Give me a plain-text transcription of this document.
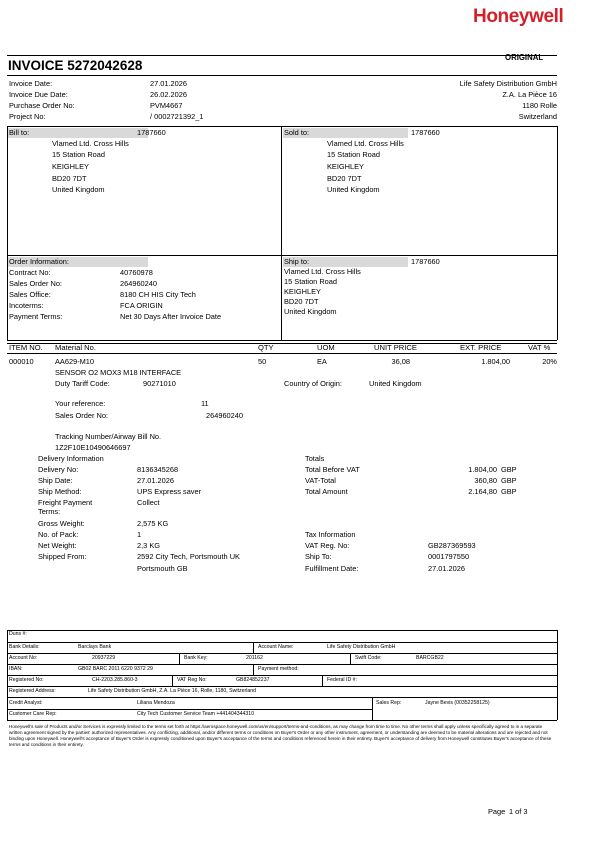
Honeywell
ORIGINAL
INVOICE 5272042628
Invoice Date:	27.01.2026
Invoice Due Date:	26.02.2026
Purchase Order No:	PVM4667
Project No:	/ 0002721392_1
Life Safety Distribution GmbH
Z.A. La Pièce 16
1180 Rolle
Switzerland
Bill to:	1787660
Vlamed Ltd. Cross Hills
15 Station Road
KEIGHLEY
BD20 7DT
United Kingdom
Sold to:	1787660
Vlamed Ltd. Cross Hills
15 Station Road
KEIGHLEY
BD20 7DT
United Kingdom
Order Information:
Contract No:	40760978
Sales Order No:	264960240
Sales Office:	8180 CH HIS City Tech
Incoterms:	FCA ORIGIN
Payment Terms:	Net 30 Days After Invoice Date
Ship to:	1787660
Vlamed Ltd. Cross Hills
15 Station Road
KEIGHLEY
BD20 7DT
United Kingdom
ITEM NO. Material No.	QTY	UOM	UNIT PRICE	EXT. PRICE	VAT %
000010	AA629-M10	50	EA	36,08	1.804,00	20%
SENSOR O2 MOX3 M18 INTERFACE
Duty Tariff Code:	90271010	Country of Origin:	United Kingdom
Your reference:	11
Sales Order No:	264960240
Tracking Number/Airway Bill No.
1Z2F10E10490646697
Delivery Information
Delivery No:	8136345268
Ship Date:	27.01.2026
Ship Method:	UPS Express saver
Freight Payment	Collect
Terms:
Gross Weight:	2,575 KG
No. of Pack:	1
Net Weight:	2,3 KG
Shipped From:	2592 City Tech, Portsmouth UK
Portsmouth GB
Totals
Total Before VAT	1.804,00 GBP
VAT-Total	360,80 GBP
Total Amount	2.164,80 GBP
Tax Information
VAT Reg. No:	GB287369593
Ship To:	0001797550
Fulfillment Date:	27.01.2026
Duns #:
Bank Details:	Barclays Bank	Account Name:	Life Safety Distribution GmbH
Account No:	20937229	Bank Key:	201162	Swift Code:	BARCGB22
IBAN:	GB02 BARC 2011 6220 9372 29	Payment method:
Registered No:	CH-2203.285.860-3	VAT Reg No:	GB824852237	Federal ID #:
Registered Address:	Life Safety Distribution GmbH, Z.A. La Pièce 16, Rolle, 1180, Switzerland
Credit Analyst:	Liliana Mendoza	Sales Rep:	Jayne Bevis (00352258125)
Customer Care Rep:	City Tech Customer Service Team +441404344310
Honeywell's sale of Products and/or Services is expressly limited to the terms set forth at https://aerospace.honeywell.com/us/en/support/terms-and-conditions, as may change from time to time. No other terms shall apply unless specifically agreed to in a separate written agreement signed by the parties' authorized representatives. Any conflicting, additional, and/or different terms or conditions on Buyer's Order or any other instrument, agreement, or understanding are deemed to be material alterations and are rejected and not binding upon Honeywell. Honeywell's acceptance of Buyer's Order is expressly conditioned upon Buyer's acceptance of the terms and conditions referenced herein in their entirety. Buyer's acceptance of delivery from Honeywell constitutes Buyer's acceptance of these terms and conditions in their entirety.
Page 1 of 3
